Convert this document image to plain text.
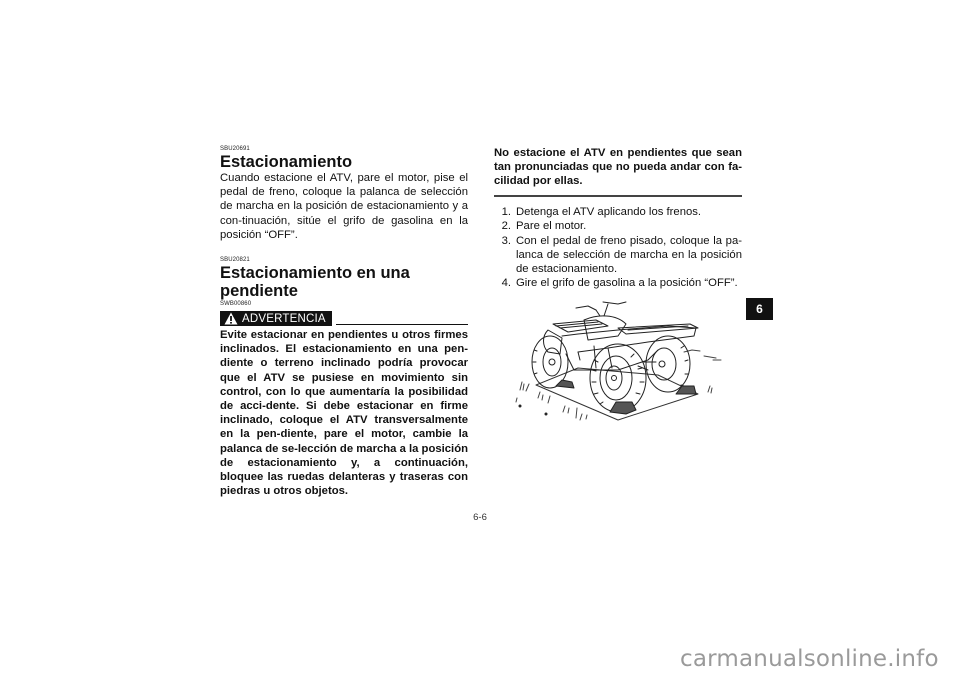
SBU20691
Estacionamiento
Cuando estacione el ATV, pare el motor, pise el pedal de freno, coloque la palanca de selección de marcha en la posición de estacionamiento y a con-tinuación, sitúe el grifo de gasolina en la posición “OFF”.
SBU20821
Estacionamiento en una pendiente
SWB00860
ADVERTENCIA
Evite estacionar en pendientes u otros firmes inclinados. El estacionamiento en una pen-diente o terreno inclinado podría provocar que el ATV se pusiese en movimiento sin control, con lo que aumentaría la posibilidad de acci-dente. Si debe estacionar en firme inclinado, coloque el ATV transversalmente en la pen-diente, pare el motor, cambie la palanca de se-lección de marcha a la posición de estacionamiento y, a continuación, bloquee las ruedas delanteras y traseras con piedras u otros objetos.
No estacione el ATV en pendientes que sean tan pronunciadas que no pueda andar con fa-cilidad por ellas.
1. Detenga el ATV aplicando los frenos.
2. Pare el motor.
3. Con el pedal de freno pisado, coloque la pa-lanca de selección de marcha en la posición de estacionamiento.
4. Gire el grifo de gasolina a la posición “OFF”.
6
6-6
carmanualsonline.info
